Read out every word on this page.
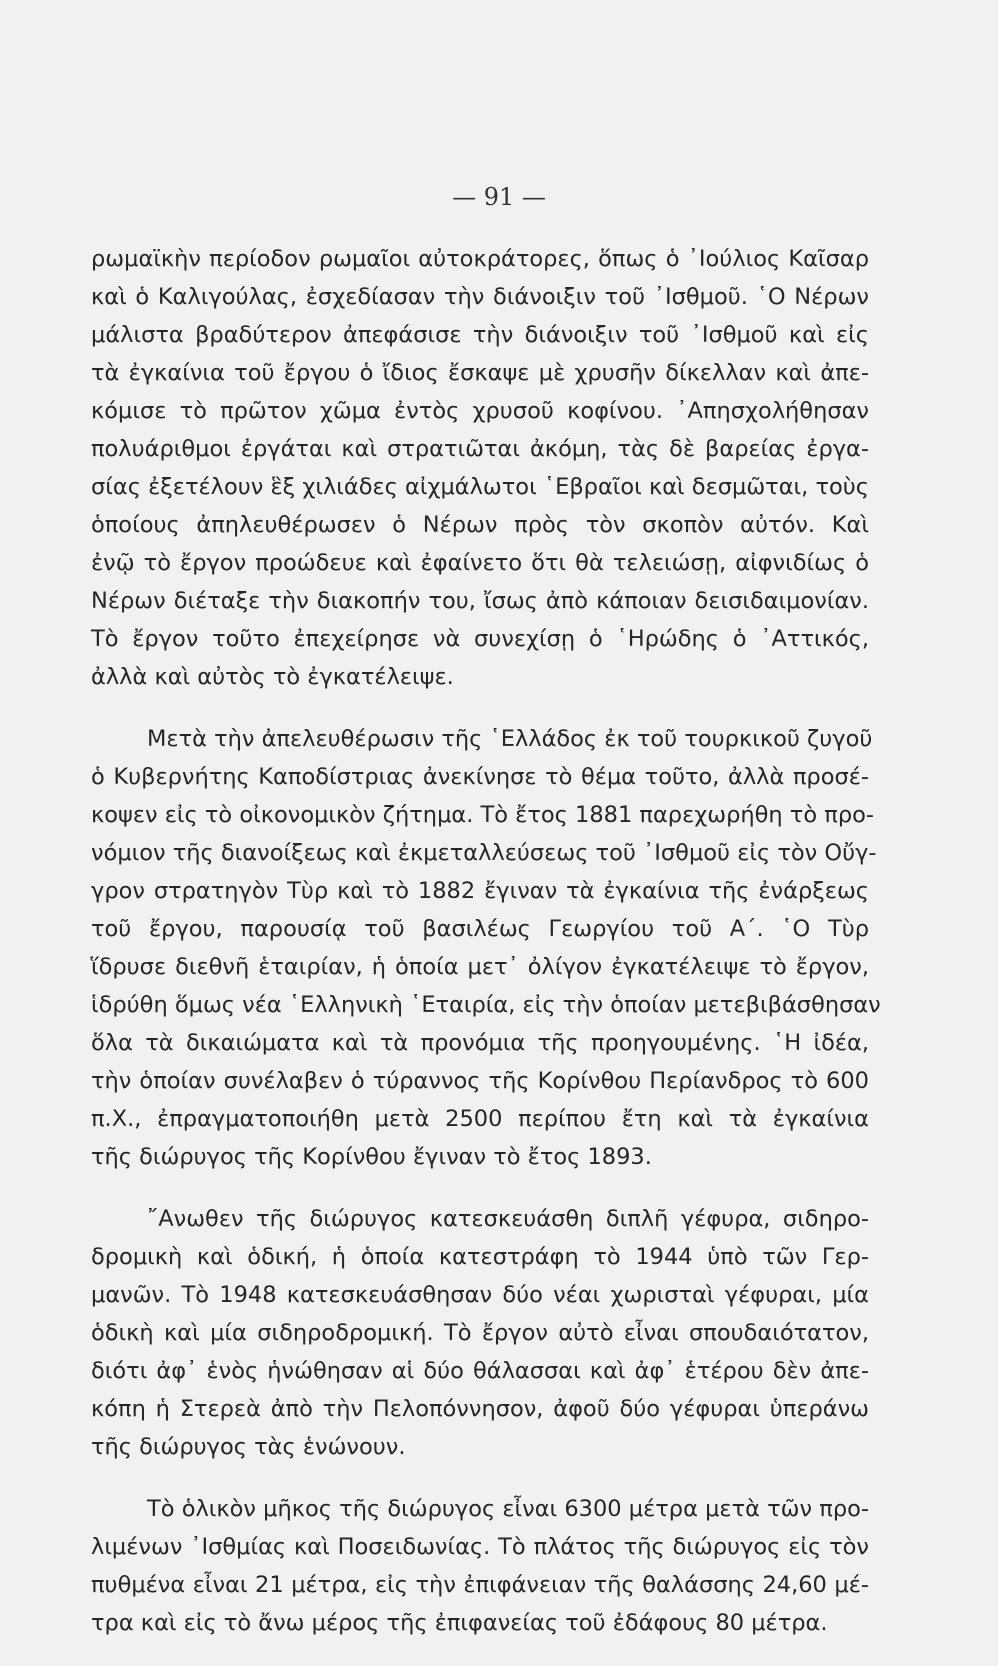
— 91 —
ρωμαϊκὴν περίοδον ρωμαῖοι αὐτοκράτορες, ὅπως ὁ ᾿Ιούλιος Καῖσαρ
καὶ ὁ Καλιγούλας, ἐσχεδίασαν τὴν διάνοιξιν τοῦ ᾿Ισθμοῦ. ῾Ο Νέρων
μάλιστα βραδύτερον ἀπεφάσισε τὴν διάνοιξιν τοῦ ᾿Ισθμοῦ καὶ εἰς
τὰ ἐγκαίνια τοῦ ἔργου ὁ ἴδιος ἔσκαψε μὲ χρυσῆν δίκελλαν καὶ ἀπε-
κόμισε τὸ πρῶτον χῶμα ἐντὸς χρυσοῦ κοφίνου. ᾿Απησχολήθησαν
πολυάριθμοι ἐργάται καὶ στρατιῶται ἀκόμη, τὰς δὲ βαρείας ἐργα-
σίας ἐξετέλουν ἓξ χιλιάδες αἰχμάλωτοι ῾Εβραῖοι καὶ δεσμῶται, τοὺς
ὁποίους ἀπηλευθέρωσεν ὁ Νέρων πρὸς τὸν σκοπὸν αὐτόν. Καὶ
ἐνῷ τὸ ἔργον προώδευε καὶ ἐφαίνετο ὅτι θὰ τελειώσῃ, αἰφνιδίως ὁ
Νέρων διέταξε τὴν διακοπήν του, ἴσως ἀπὸ κάποιαν δεισιδαιμονίαν.
Τὸ ἔργον τοῦτο ἐπεχείρησε νὰ συνεχίσῃ ὁ ῾Ηρώδης ὁ ᾿Αττικός,
ἀλλὰ καὶ αὐτὸς τὸ ἐγκατέλειψε.
Μετὰ τὴν ἀπελευθέρωσιν τῆς ῾Ελλάδος ἐκ τοῦ τουρκικοῦ ζυγοῦ
ὁ Κυβερνήτης Καποδίστριας ἀνεκίνησε τὸ θέμα τοῦτο, ἀλλὰ προσέ-
κοψεν εἰς τὸ οἰκονομικὸν ζήτημα. Τὸ ἔτος 1881 παρεχωρήθη τὸ προ-
νόμιον τῆς διανοίξεως καὶ ἐκμεταλλεύσεως τοῦ ᾿Ισθμοῦ εἰς τὸν Οὔγ-
γρον στρατηγὸν Τὺρ καὶ τὸ 1882 ἔγιναν τὰ ἐγκαίνια τῆς ἐνάρξεως
τοῦ ἔργου, παρουσίᾳ τοῦ βασιλέως Γεωργίου τοῦ Α΄. ῾Ο Τὺρ
ἵδρυσε διεθνῆ ἑταιρίαν, ἡ ὁποία μετ᾿ ὀλίγον ἐγκατέλειψε τὸ ἔργον,
ἱδρύθη ὅμως νέα ῾Ελληνικὴ ῾Εταιρία, εἰς τὴν ὁποίαν μετεβιβάσθησαν
ὅλα τὰ δικαιώματα καὶ τὰ προνόμια τῆς προηγουμένης. ῾Η ἰδέα,
τὴν ὁποίαν συνέλαβεν ὁ τύραννος τῆς Κορίνθου Περίανδρος τὸ 600
π.Χ., ἐπραγματοποιήθη μετὰ 2500 περίπου ἔτη καὶ τὰ ἐγκαίνια
τῆς διώρυγος τῆς Κορίνθου ἔγιναν τὸ ἔτος 1893.
῎Ανωθεν τῆς διώρυγος κατεσκευάσθη διπλῆ γέφυρα, σιδηρο-
δρομικὴ καὶ ὁδική, ἡ ὁποία κατεστράφη τὸ 1944 ὑπὸ τῶν Γερ-
μανῶν. Τὸ 1948 κατεσκευάσθησαν δύο νέαι χωρισταὶ γέφυραι, μία
ὁδικὴ καὶ μία σιδηροδρομική. Τὸ ἔργον αὐτὸ εἶναι σπουδαιότατον,
διότι ἀφ᾿ ἑνὸς ἡνώθησαν αἱ δύο θάλασσαι καὶ ἀφ᾿ ἑτέρου δὲν ἀπε-
κόπη ἡ Στερεὰ ἀπὸ τὴν Πελοπόννησον, ἀφοῦ δύο γέφυραι ὑπεράνω
τῆς διώρυγος τὰς ἑνώνουν.
Τὸ ὁλικὸν μῆκος τῆς διώρυγος εἶναι 6300 μέτρα μετὰ τῶν προ-
λιμένων ᾿Ισθμίας καὶ Ποσειδωνίας. Τὸ πλάτος τῆς διώρυγος εἰς τὸν
πυθμένα εἶναι 21 μέτρα, εἰς τὴν ἐπιφάνειαν τῆς θαλάσσης 24,60 μέ-
τρα καὶ εἰς τὸ ἄνω μέρος τῆς ἐπιφανείας τοῦ ἐδάφους 80 μέτρα.
